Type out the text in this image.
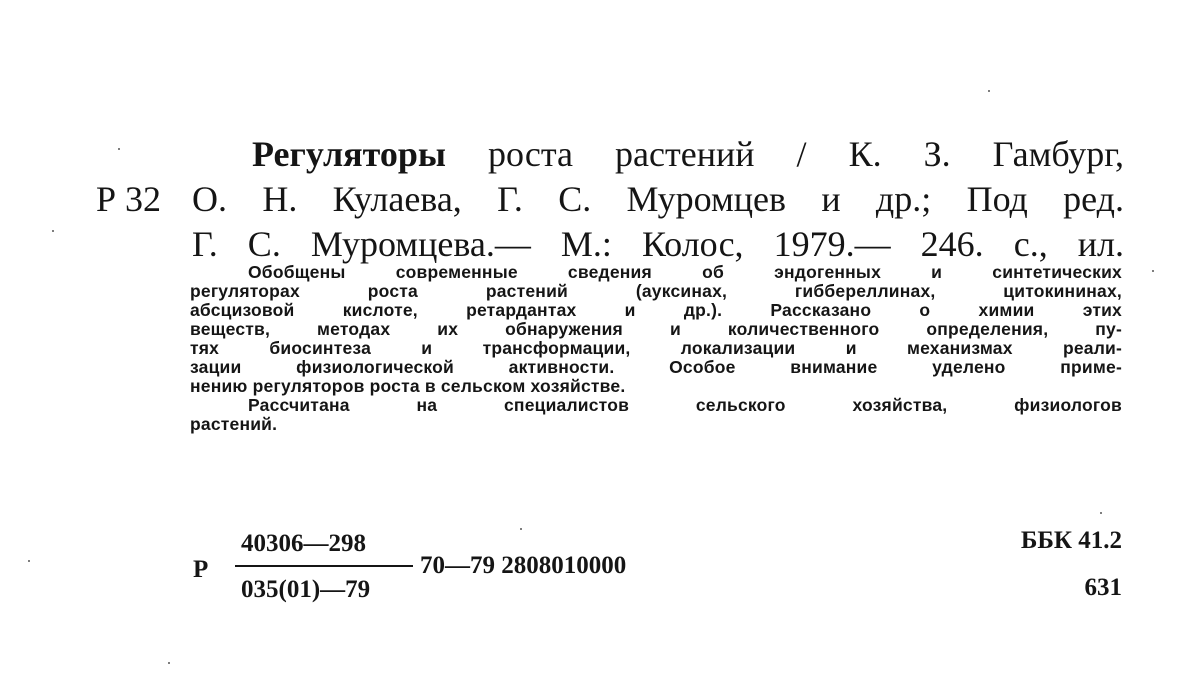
Р 32
Регуляторы роста растений / К. З. Гамбург,
О. Н. Кулаева, Г. С. Муромцев и др.; Под ред.
Г. С. Муромцева.— М.: Колос, 1979.— 246. с., ил.
Обобщены современные сведения об эндогенных и синтетических
регуляторах роста растений (ауксинах, гиббереллинах, цитокининах,
абсцизовой кислоте, ретардантах и др.). Рассказано о химии этих
веществ, методах их обнаружения и количественного определения, пу-
тях биосинтеза и трансформации, локализации и механизмах реали-
зации физиологической активности. Особое внимание уделено приме-
нению регуляторов роста в сельском хозяйстве.
Рассчитана на специалистов сельского хозяйства, физиологов
растений.
Р
40306—298
035(01)—79
70—79 2808010000
ББК 41.2
631
